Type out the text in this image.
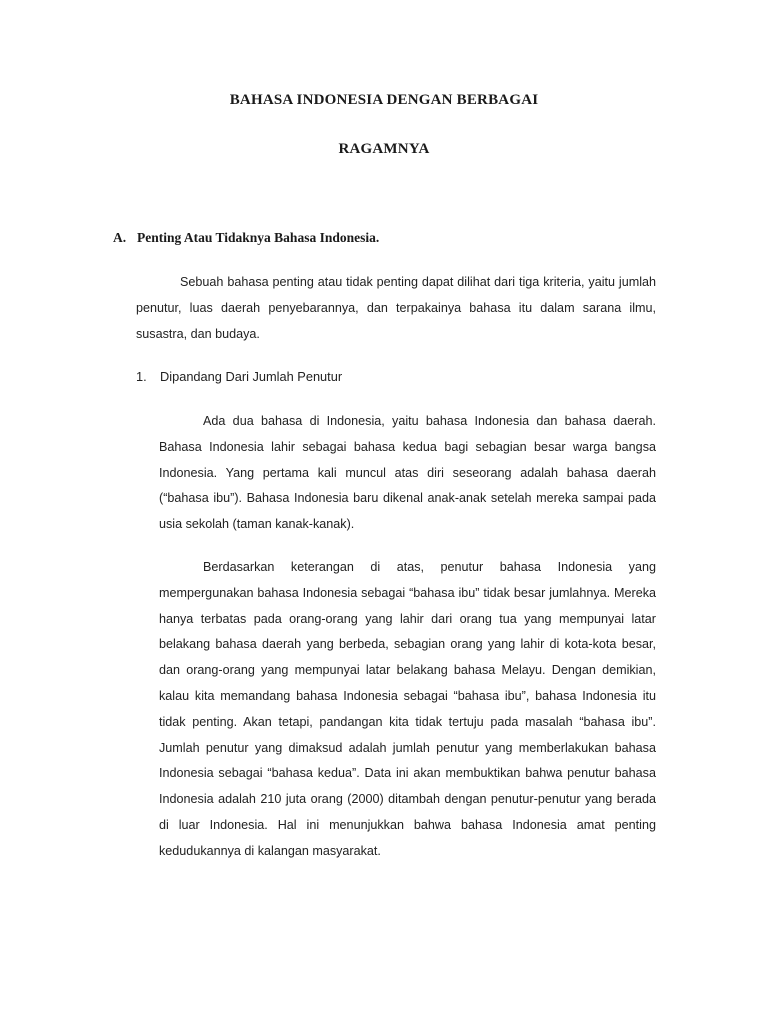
BAHASA INDONESIA DENGAN BERBAGAI
RAGAMNYA
A. Penting Atau Tidaknya Bahasa Indonesia.

Sebuah bahasa penting atau tidak penting dapat dilihat dari tiga kriteria, yaitu jumlah penutur, luas daerah penyebarannya, dan terpakainya bahasa itu dalam sarana ilmu, susastra, dan budaya.

1. Dipandang Dari Jumlah Penutur

Ada dua bahasa di Indonesia, yaitu bahasa Indonesia dan bahasa daerah. Bahasa Indonesia lahir sebagai bahasa kedua bagi sebagian besar warga bangsa Indonesia. Yang pertama kali muncul atas diri seseorang adalah bahasa daerah (“bahasa ibu”). Bahasa Indonesia baru dikenal anak-anak setelah mereka sampai pada usia sekolah (taman kanak-kanak).

Berdasarkan keterangan di atas, penutur bahasa Indonesia yang mempergunakan bahasa Indonesia sebagai “bahasa ibu” tidak besar jumlahnya. Mereka hanya terbatas pada orang-orang yang lahir dari orang tua yang mempunyai latar belakang bahasa daerah yang berbeda, sebagian orang yang lahir di kota-kota besar, dan orang-orang yang mempunyai latar belakang bahasa Melayu. Dengan demikian, kalau kita memandang bahasa Indonesia sebagai “bahasa ibu”, bahasa Indonesia itu tidak penting. Akan tetapi, pandangan kita tidak tertuju pada masalah “bahasa ibu”. Jumlah penutur yang dimaksud adalah jumlah penutur yang memberlakukan bahasa Indonesia sebagai “bahasa kedua”. Data ini akan membuktikan bahwa penutur bahasa Indonesia adalah 210 juta orang (2000) ditambah dengan penutur-penutur yang berada di luar Indonesia. Hal ini menunjukkan bahwa bahasa Indonesia amat penting kedudukannya di kalangan masyarakat.
